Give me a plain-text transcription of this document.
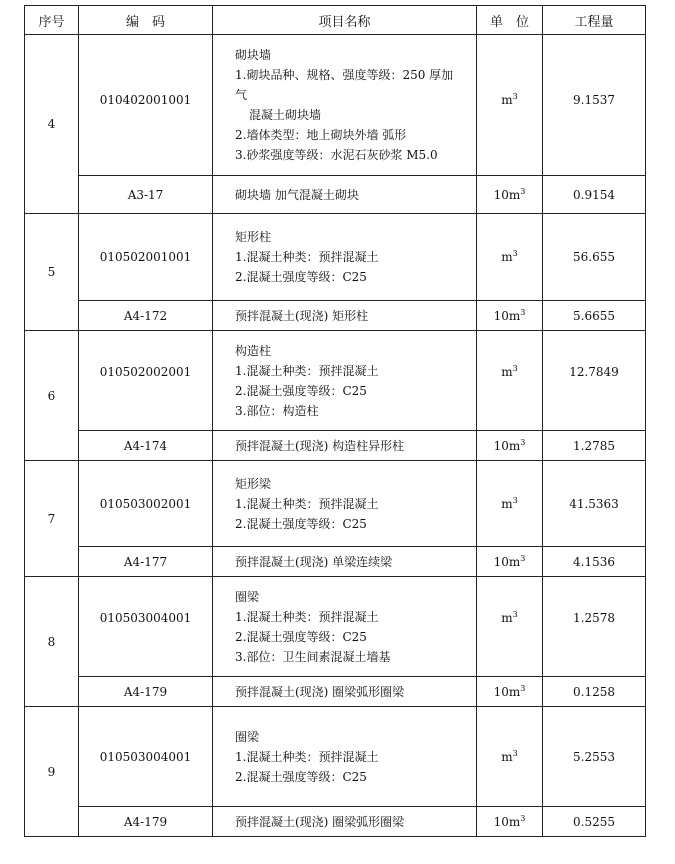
序号	编　码	项目名称	单　位	工程量
4	010402001001	砌块墙
1.砌块品种、规格、强度等级：250 厚加气
混凝土砌块墙
2.墙体类型：地上砌块外墙 弧形
3.砂浆强度等级：水泥石灰砂浆 M5.0	$m^3$	9.1537

	A3-17	砌块墙 加气混凝土砌块	$10m^3$	0.9154
5	010502001001	矩形柱
1.混凝土种类：预拌混凝土
2.混凝土强度等级：C25	$m^3$	56.655
	A4-172	预拌混凝土(现浇) 矩形柱	$10m^3$	5.6655
6	010502002001	构造柱
1.混凝土种类：预拌混凝土
2.混凝土强度等级：C25
3.部位：构造柱	$m^3$	12.7849

	A4-174	预拌混凝土(现浇) 构造柱异形柱	$10m^3$	1.2785
7	010503002001	矩形梁
1.混凝土种类：预拌混凝土
2.混凝土强度等级：C25	$m^3$	41.5363
	A4-177	预拌混凝土(现浇) 单梁连续梁	$10m^3$	4.1536
8	010503004001	圈梁
1.混凝土种类：预拌混凝土
2.混凝土强度等级：C25
3.部位：卫生间素混凝土墙基	$m^3$	1.2578

	A4-179	预拌混凝土(现浇) 圈梁弧形圈梁	$10m^3$	0.1258
9	010503004001	圈梁
1.混凝土种类：预拌混凝土
2.混凝土强度等级：C25	$m^3$	5.2553
	A4-179	预拌混凝土(现浇) 圈梁弧形圈梁	$10m^3$	0.5255
